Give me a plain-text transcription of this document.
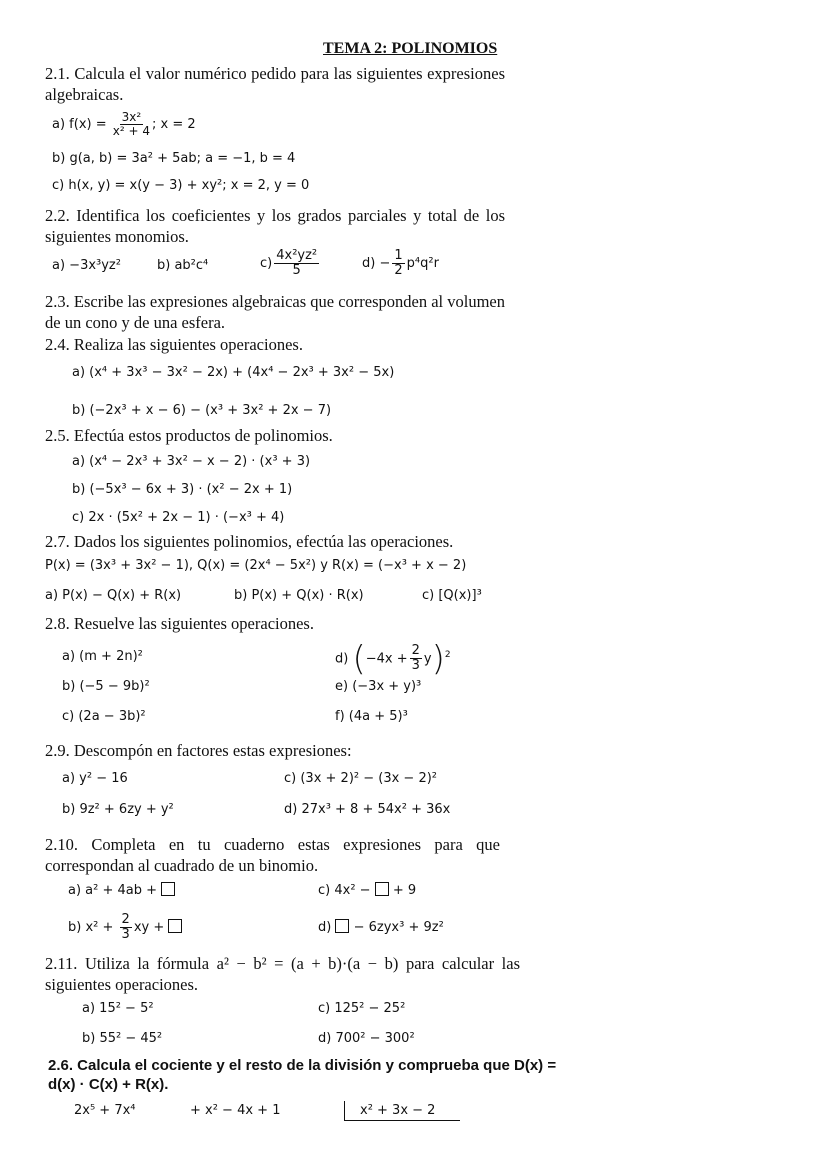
TEMA 2: POLINOMIOS
2.1. Calcula el valor numérico pedido para las siguientes expresiones algebraicas.
a) $f(x) = \frac{\text{3x²}}{\text{x² + 4}}$ ; x = 2
b) g(a, b) = 3a² + 5ab; a = −1, b = 4
c) h(x, y) = x(y − 3) + xy²; x = 2, y = 0
2.2. Identifica los coeficientes y los grados parciales y total de los siguientes monomios.
a) −3x³yz²	b) ab²c⁴	$c) \frac{\text{4x²yz²}}{5}$	$d) - \frac{1}{2} p^4q^2r$
2.3. Escribe las expresiones algebraicas que corresponden al volumen de un cono y de una esfera.
2.4. Realiza las siguientes operaciones.
a) (x⁴ + 3x³ − 3x² − 2x) + (4x⁴ − 2x³ + 3x² − 5x)
b) (−2x³ + x − 6) − (x³ + 3x² + 2x − 7)
2.5. Efectúa estos productos de polinomios.
a) (x⁴ − 2x³ + 3x² − x − 2) · (x³ + 3)
b) (−5x³ − 6x + 3) · (x² − 2x + 1)
c) 2x · (5x² + 2x − 1) · (−x³ + 4)
2.7. Dados los siguientes polinomios, efectúa las operaciones.
P(x) = (3x³ + 3x² − 1), Q(x) = (2x⁴ − 5x²) y R(x) = (−x³ + x − 2)
a) P(x) − Q(x) + R(x)	b) P(x) + Q(x) · R(x)	c) [Q(x)]³
2.8. Resuelve las siguientes operaciones.
a) (m + 2n)²
b) (−5 − 9b)²
c) (2a − 3b)²
d) $(-4x + \frac{2}{3} y)^2$
e) (−3x + y)³
f) (4a + 5)³
2.9. Descompón en factores estas expresiones:
a) y² − 16
b) 9z² + 6zy + y²
c) (3x + 2)² − (3x − 2)²
d) 27x³ + 8 + 54x² + 36x
2.10. Completa en tu cuaderno estas expresiones para que correspondan al cuadrado de un binomio.
a) a² + 4ab +
b) $x^2 + \frac{2}{3}$ xy +
c) 4x² −  + 9
d)  − 6zyx³ + 9z²
2.11. Utiliza la fórmula a² − b² = (a + b)·(a − b) para calcular las siguientes operaciones.
a) 15² − 5²
b) 55² − 45²
c) 125² − 25²
d) 700² − 300²
2.6. Calcula el cociente y el resto de la división y comprueba que D(x) = d(x) · C(x) + R(x).
2x⁵ + 7x⁴	+ x² − 4x + 1	x² + 3x − 2
